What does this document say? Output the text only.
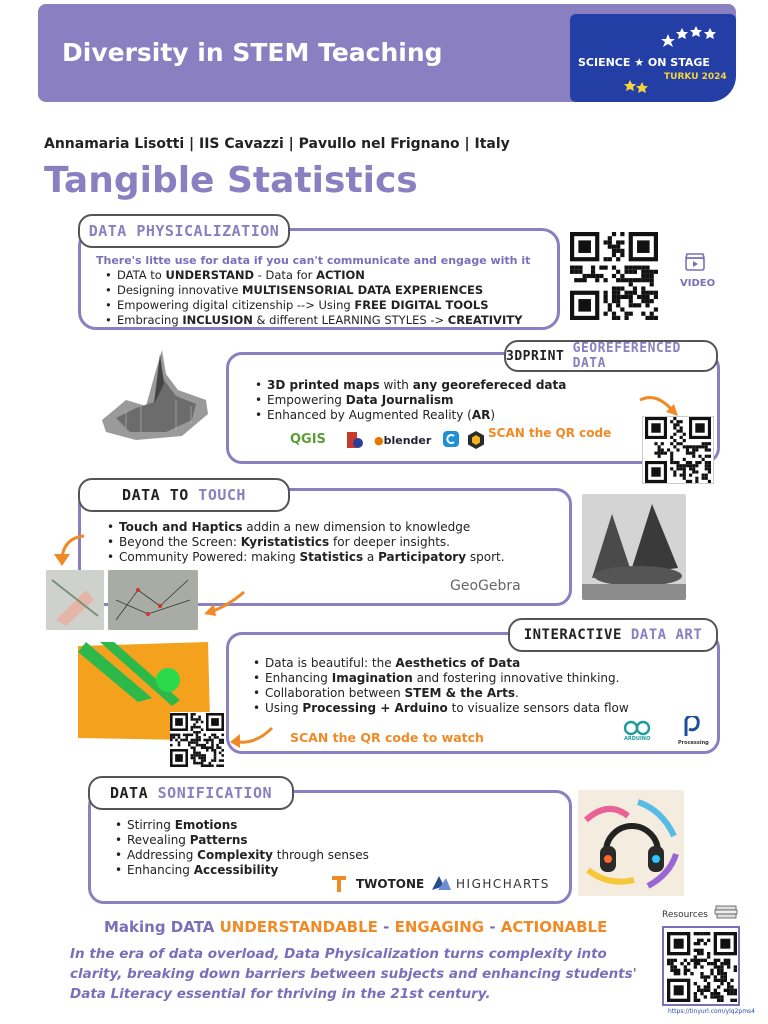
Diversity in STEM Teaching	SCIENCE ★ ON STAGE
TURKU 2024
Annamaria Lisotti | IIS Cavazzi | Pavullo nel Frignano | Italy
Tangible Statistics
DATA
PHYSICALIZATION
There's litte use for data if you can't communicate and engage with it
• DATA to UNDERSTAND - Data for ACTION
• Designing innovative MULTISENSORIAL DATA EXPERIENCES
• Empowering digital citizenship --> Using FREE DIGITAL TOOLS
• Embracing INCLUSION & different LEARNING STYLES -> CREATIVITY
VIDEO
3DPRINT
GEOREFERENCED DATA
• 3D printed maps with any georefereced data
• Empowering Data Journalism
• Enhanced by Augmented Reality (AR)
QGIS	●blender
SCAN the QR code
DATA TO
TOUCH
• Touch and Haptics addin a new dimension to knowledge
• Beyond the Screen: Kyristatistics for deeper insights.
• Community Powered: making Statistics a Participatory sport.
GeoGebra
INTERACTIVE
DATA ART
• Data is beautiful: the Aesthetics of Data
• Enhancing Imagination and fostering innovative thinking.
• Collaboration between STEM & the Arts.
• Using Processing + Arduino to visualize sensors data flow
SCAN the QR code to watch	ARDUINO
Processing
DATA
SONIFICATION
• Stirring Emotions
• Revealing Patterns
• Addressing Complexity through senses
• Enhancing Accessibility
TWOTONE	HIGHCHARTS
Making DATA UNDERSTANDABLE - ENGAGING - ACTIONABLE
In the era of data overload, Data Physicalization turns complexity into clarity, breaking down barriers between subjects and enhancing students' Data Literacy essential for thriving in the 21st century.
Resources
https://tinyurl.com/ylq2pms4
